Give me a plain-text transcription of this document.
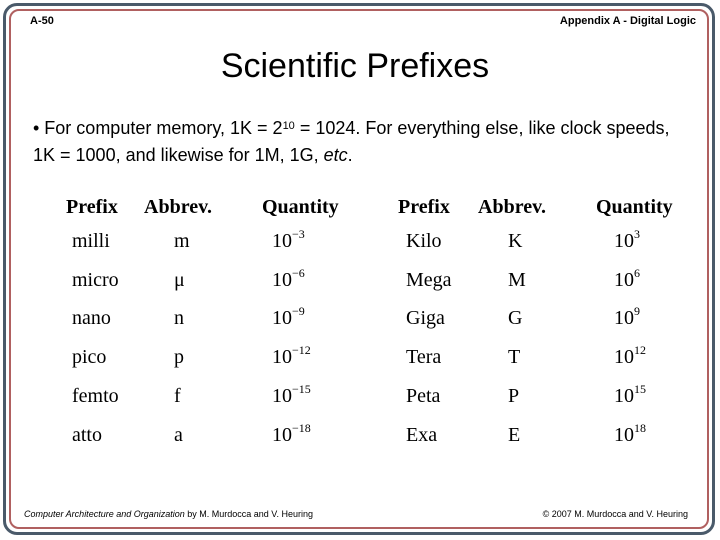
A-50	Appendix A - Digital Logic
Scientific Prefixes
• For computer memory, $1K = 2^{10} = 1024$. For everything else, like clock speeds, 1K = 1000, and likewise for 1M, 1G, etc.
Prefix	Abbrev.	Quantity
milli	m	$10^{-3}$
micro	μ	$10^{-6}$
nano	n	$10^{-9}$
pico	p	$10^{-12}$
femto	f	$10^{-15}$
atto	a	$10^{-18}$
Prefix	Abbrev.	Quantity
Kilo	K	$10^3$
Mega	M	$10^6$
Giga	G	$10^9$
Tera	T	$10^{12}$
Peta	P	$10^{15}$
Exa	E	$10^{18}$
Computer Architecture and Organization by M. Murdocca and V. Heuring	© 2007 M. Murdocca and V. Heuring
